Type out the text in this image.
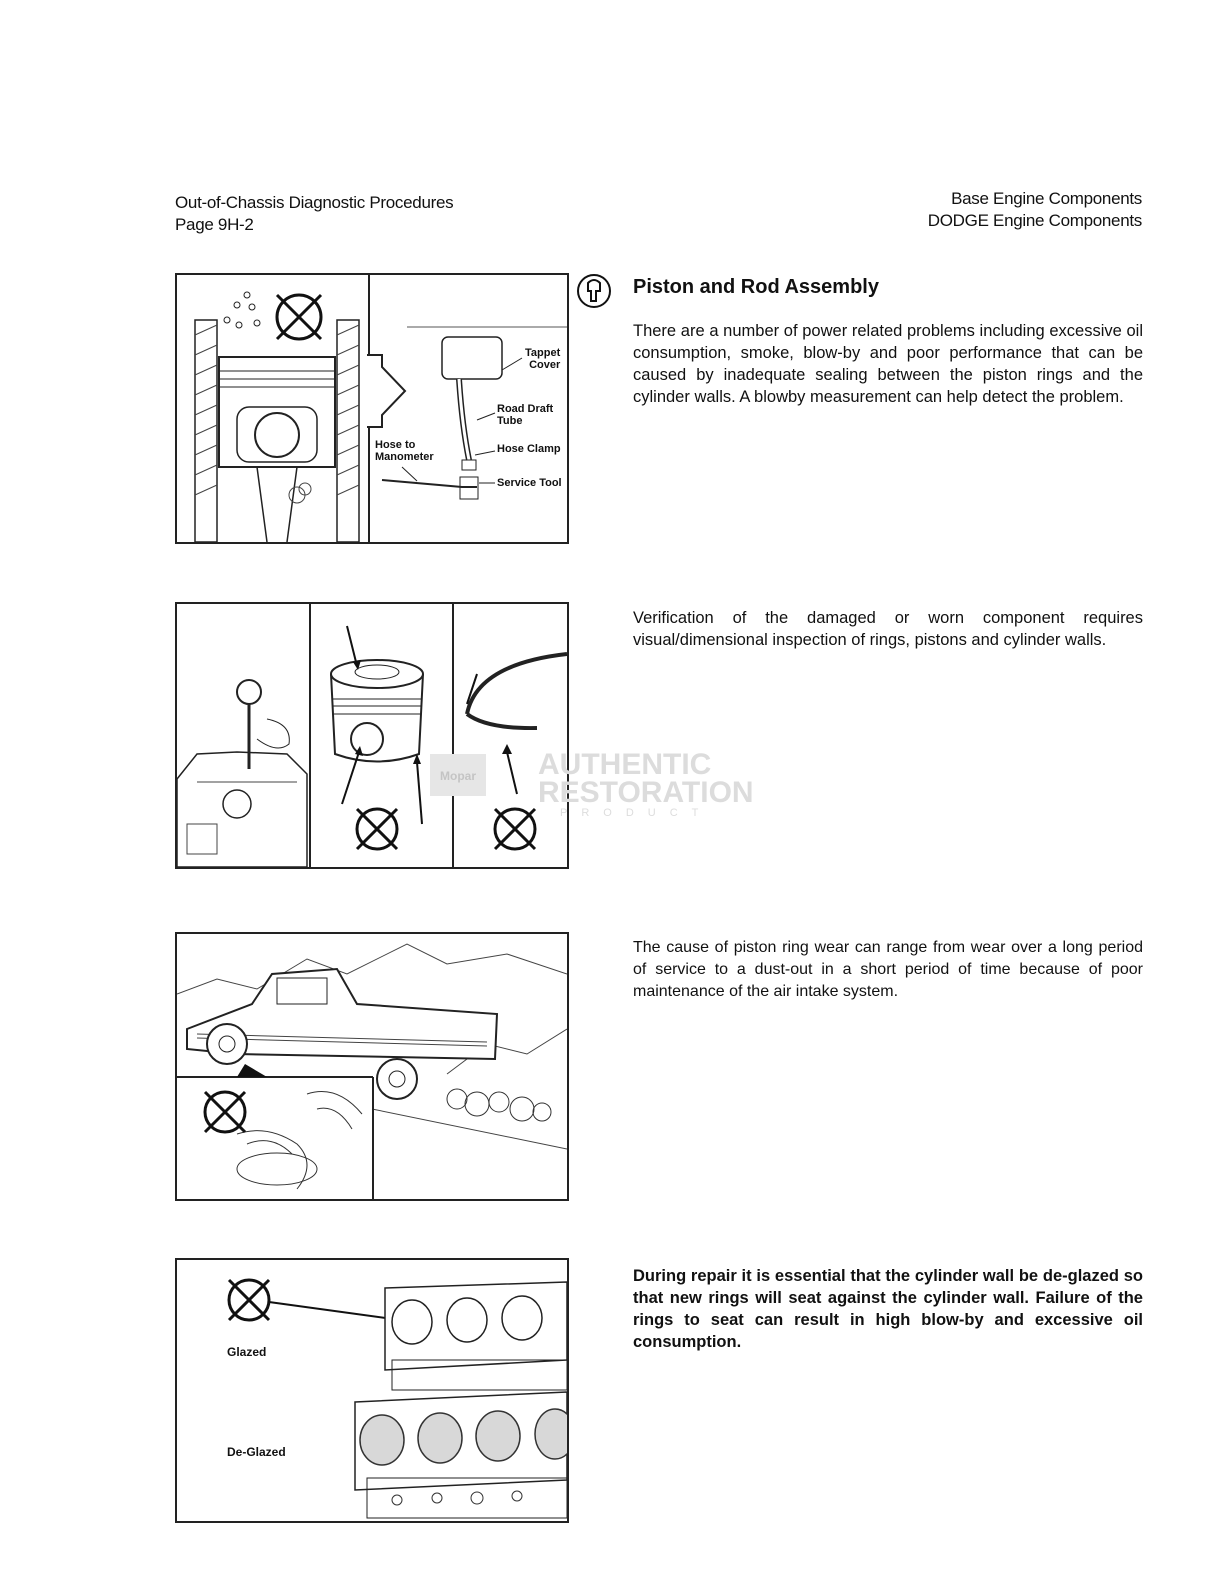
Out-of-Chassis Diagnostic Procedures
Page 9H-2
Base Engine Components
DODGE Engine Components
Piston and Rod Assembly
There are a number of power related problems including excessive oil consumption, smoke, blow-by and poor performance that can be caused by inadequate sealing between the piston rings and the cylinder walls. A blowby measurement can help detect the problem.
Verification of the damaged or worn component requires visual/dimensional inspection of rings, pistons and cylinder walls.
The cause of piston ring wear can range from wear over a long period of service to a dust-out in a short period of time because of poor maintenance of the air intake system.
During repair it is essential that the cylinder wall be de-glazed so that new rings will seat against the cylinder wall. Failure of the rings to seat can result in high blow-by and excessive oil consumption.
Tappet
Cover
Road Draft
Tube
Hose Clamp
Hose to
Manometer
Service Tool
Mopar AUTHENTIC
RESTORATION
PRODUCT
Glazed
De-Glazed
